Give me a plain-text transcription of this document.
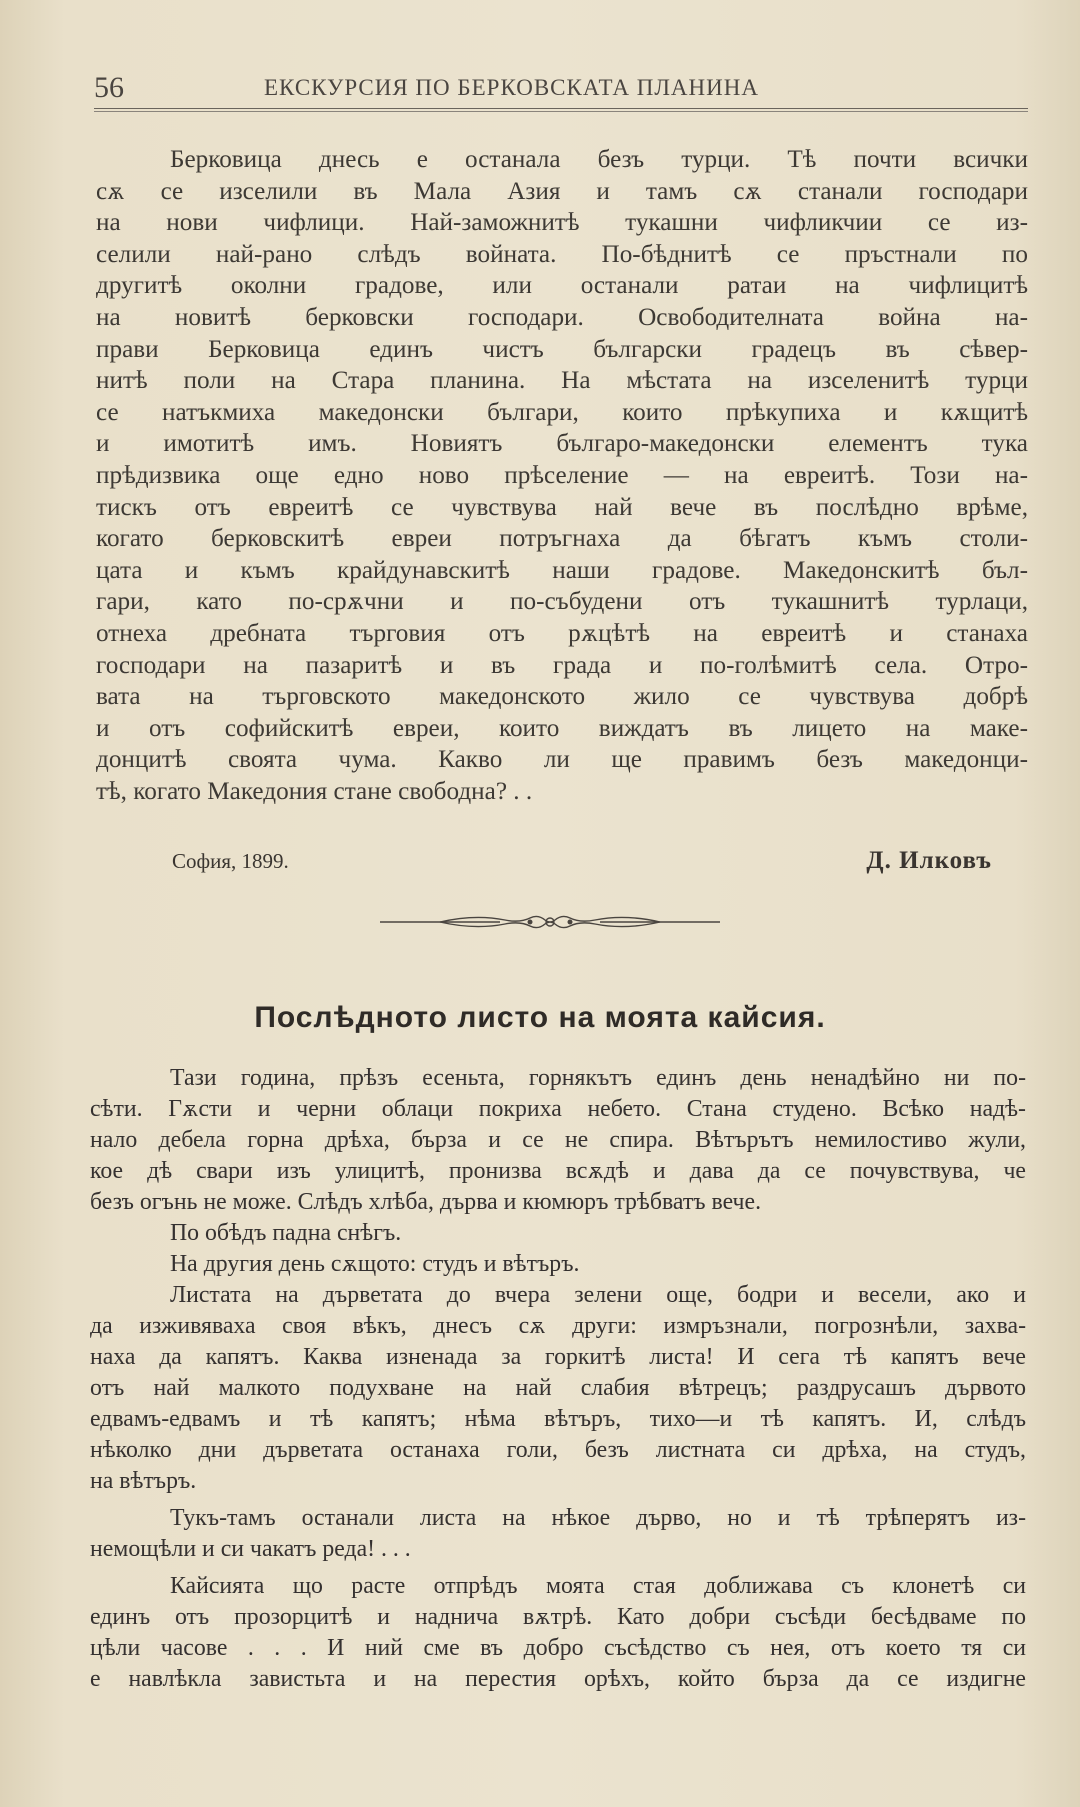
56	ЕКСКУРСИЯ ПО БЕРКОВСКАТА ПЛАНИНА
Берковица днесь е останала безъ турци. Тѣ почти всички
сѫ се изселили въ Мала Азия и тамъ сѫ станали господари
на нови чифлици. Най-заможнитѣ тукашни чифликчии се из-
селили най-рано слѣдъ войната. По-бѣднитѣ се пръстнали по
другитѣ околни градове, или останали ратаи на чифлицитѣ
на новитѣ берковски господари. Освободителната война на-
прави Берковица единъ чистъ български градецъ въ сѣвер-
нитѣ поли на Стара планина. На мѣстата на изселенитѣ турци
се натъкмиха македонски българи, които прѣкупиха и кѫщитѣ
и имотитѣ имъ. Новиятъ българо-македонски елементъ тука
прѣдизвика още едно ново прѣселение — на евреитѣ. Този на-
тискъ отъ евреитѣ се чувствува най вече въ послѣдно врѣме,
когато берковскитѣ евреи потръгнаха да бѣгатъ къмъ столи-
цата и къмъ крайдунавскитѣ наши градове. Македонскитѣ бъл-
гари, като по-срѫчни и по-събудени отъ тукашнитѣ турлаци,
отнеха дребната търговия отъ рѫцѣтѣ на евреитѣ и станаха
господари на пазаритѣ и въ града и по-голѣмитѣ села. Отро-
вата на търговското македонското жило се чувствува добрѣ
и отъ софийскитѣ евреи, които виждатъ въ лицето на маке-
донцитѣ своята чума. Какво ли ще правимъ безъ македонци-
тѣ, когато Македония стане свободна? . .
София, 1899.	Д. Илковъ
Послѣдното листо на моята кайсия.
Тази година, прѣзъ есеньта, горнякътъ единъ день ненадѣйно ни по-
сѣти. Гѫсти и черни облаци покриха небето. Стана студено. Всѣко надѣ-
нало дебела горна дрѣха, бърза и се не спира. Вѣтърътъ немилостиво жули,
кое дѣ свари изъ улицитѣ, пронизва всѫдѣ и дава да се почувствува, че
безъ огънь не може. Слѣдъ хлѣба, дърва и кюмюръ трѣбватъ вече.
По обѣдъ падна снѣгъ.
На другия день сѫщото: студъ и вѣтъръ.
Листата на дърветата до вчера зелени още, бодри и весели, ако и
да изживяваха своя вѣкъ, днесъ сѫ други: измръзнали, погрознѣли, захва-
наха да капятъ. Каква изненада за горкитѣ листа! И сега тѣ капятъ вече
отъ най малкото подухване на най слабия вѣтрецъ; раздрусашъ дървото
едвамъ-едвамъ и тѣ капятъ; нѣма вѣтъръ, тихо—и тѣ капятъ. И, слѣдъ
нѣколко дни дърветата останаха голи, безъ листната си дрѣха, на студъ,
на вѣтъръ.
Тукъ-тамъ останали листа на нѣкое дърво, но и тѣ трѣперятъ из-
немощѣли и си чакатъ реда! . . .
Кайсията що расте отпрѣдъ моята стая доближава съ клонетѣ си
единъ отъ прозорцитѣ и надничa вѫтрѣ. Като добри съсѣди бесѣдваме по
цѣли часове . . . И ний сме въ добро съсѣдство съ нея, отъ което тя си
е навлѣкла завистьта и на перестия орѣхъ, който бърза да се издигне
